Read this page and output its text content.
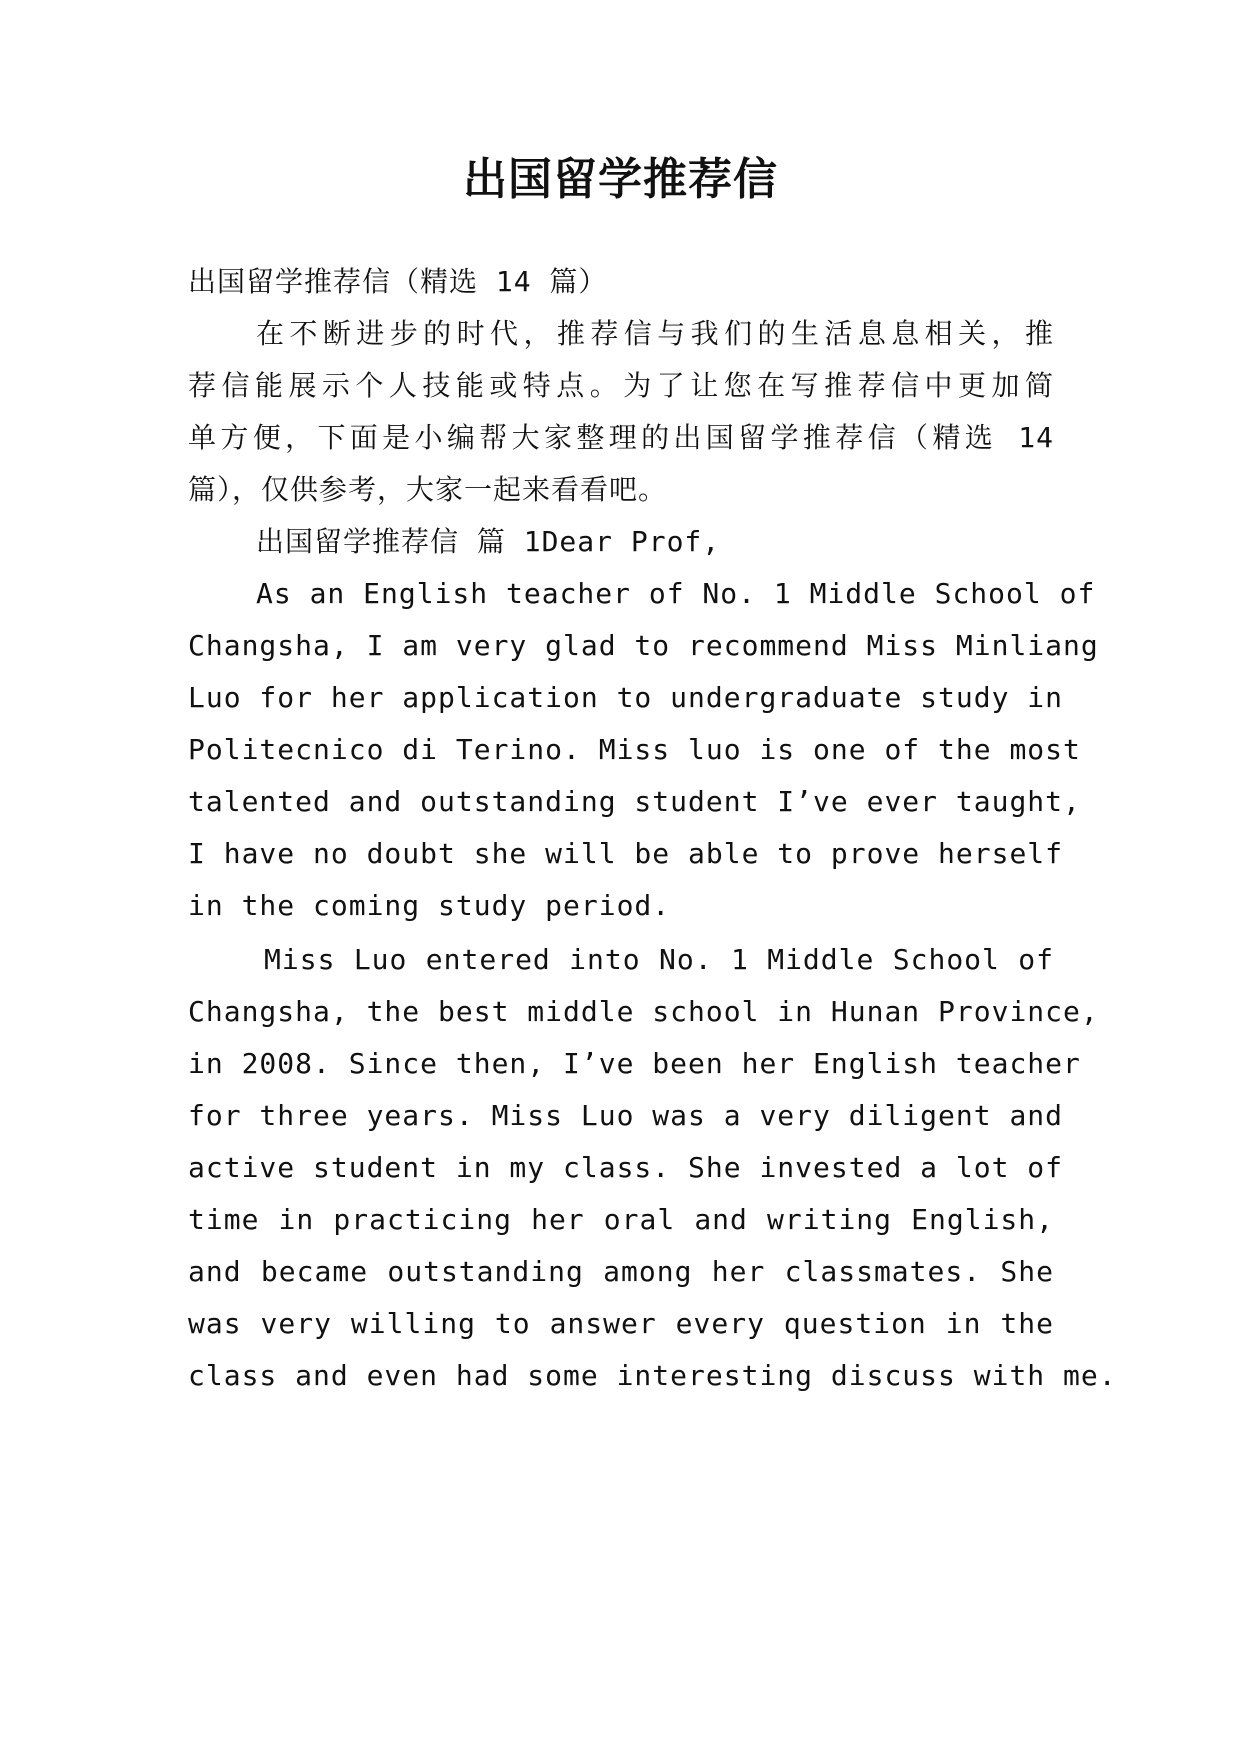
出国留学推荐信
出国留学推荐信（精选 14 篇）
在不断进步的时代，推荐信与我们的生活息息相关，推
荐信能展示个人技能或特点。为了让您在写推荐信中更加简
单方便，下面是小编帮大家整理的出国留学推荐信（精选 14
篇），仅供参考，大家一起来看看吧。
出国留学推荐信 篇 1Dear Prof,
As an English teacher of No. 1 Middle School of
Changsha, I am very glad to recommend Miss Minliang
Luo for her application to undergraduate study in
Politecnico di Terino. Miss luo is one of the most
talented and outstanding student I’ve ever taught,
I have no doubt she will be able to prove herself
in the coming study period.
Miss Luo entered into No. 1 Middle School of
Changsha, the best middle school in Hunan Province,
in 2008. Since then, I’ve been her English teacher
for three years. Miss Luo was a very diligent and
active student in my class. She invested a lot of
time in practicing her oral and writing English,
and became outstanding among her classmates. She
was very willing to answer every question in the
class and even had some interesting discuss with me.
